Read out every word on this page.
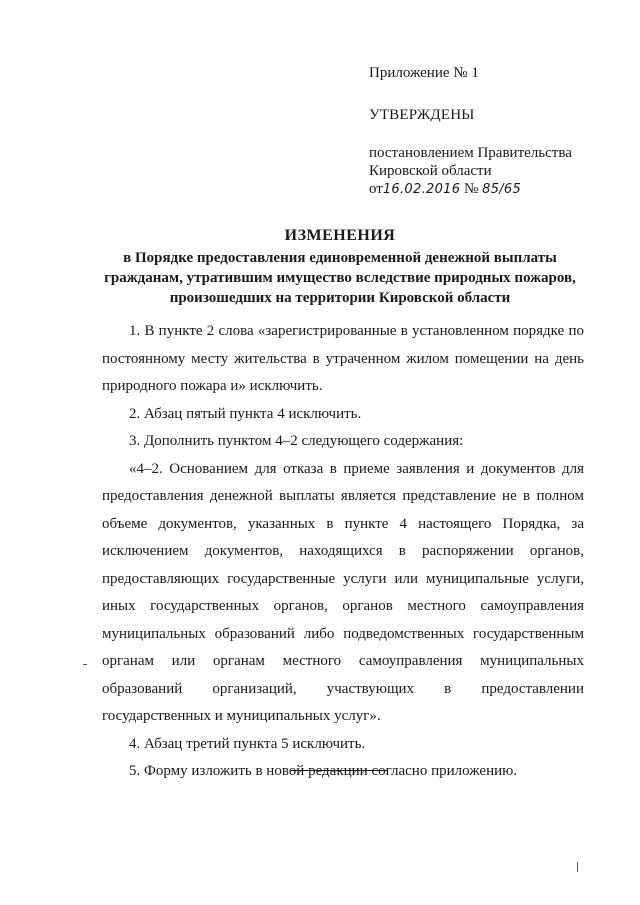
Приложение № 1
УТВЕРЖДЕНЫ
постановлением Правительства
Кировской области
от16.02.2016 № 85/65
ИЗМЕНЕНИЯ
в Порядке предоставления единовременной денежной выплаты
гражданам, утратившим имущество вследствие природных пожаров,
произошедших на территории Кировской области

1. В пункте 2 слова «зарегистрированные в установленном порядке по постоянному месту жительства в утраченном жилом помещении на день природного пожара и» исключить.

2. Абзац пятый пункта 4 исключить.

3. Дополнить пунктом 4–2 следующего содержания:

«4–2. Основанием для отказа в приеме заявления и документов для предоставления денежной выплаты является представление не в полном объеме документов, указанных в пункте 4 настоящего Порядка, за исключением документов, находящихся в распоряжении органов, предоставляющих государственные услуги или муниципальные услуги, иных государственных органов, органов местного самоуправления муниципальных образований либо подведомственных государственным органам или органам местного самоуправления муниципальных образований организаций, участвующих в предоставлении государственных и муниципальных услуг».

4. Абзац третий пункта 5 исключить.

5. Форму изложить в новой редакции согласно приложению.
